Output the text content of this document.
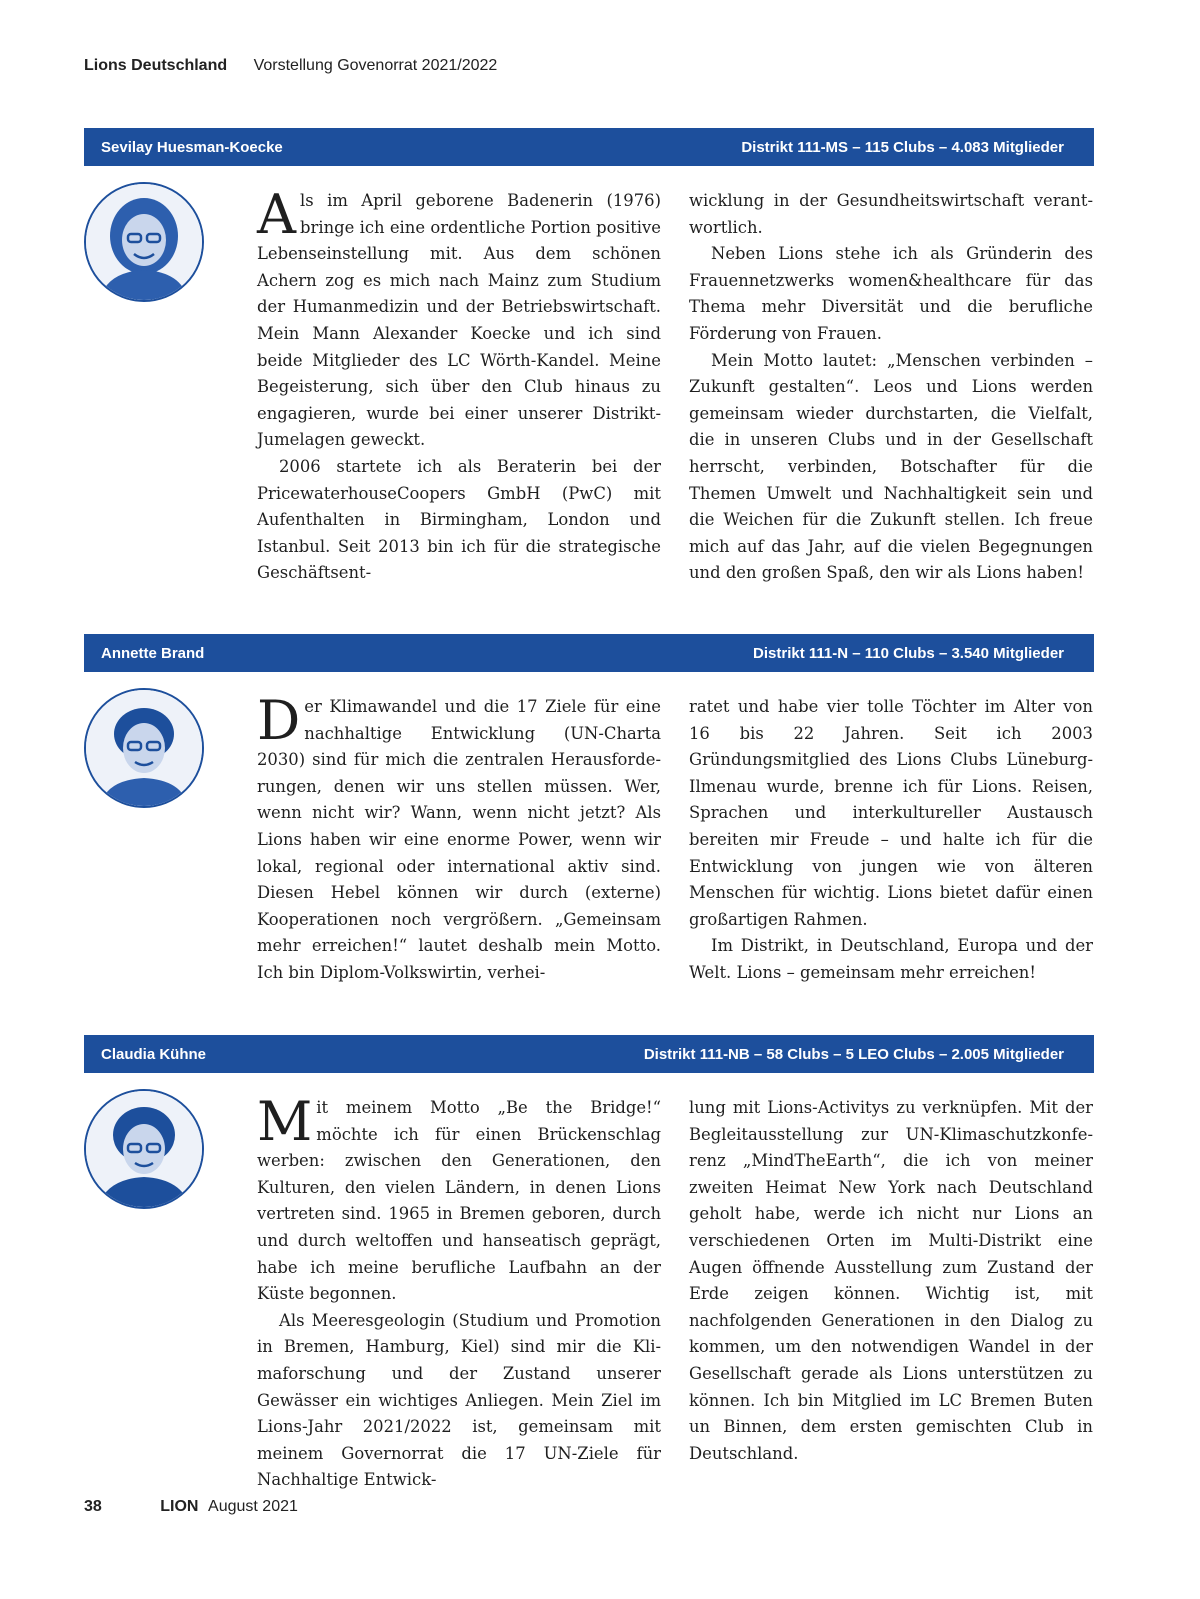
Lions Deutschland Vorstellung Govenorrat 2021/2022
Sevilay Huesman-Koecke	Distrikt 111-MS – 115 Clubs – 4.083 Mitglieder

Als im April geborene Badenerin (1976) bringe ich eine ordentliche Portion positive Lebenseinstellung mit. Aus dem schönen Achern zog es mich nach Mainz zum Studium der Humanmedizin und der Betriebswirtschaft. Mein Mann Alexander Koecke und ich sind beide Mitglieder des LC Wörth-Kandel. Meine Begeisterung, sich über den Club hinaus zu engagieren, wurde bei einer unserer Distrikt-Jumelagen geweckt.

2006 startete ich als Beraterin bei der PricewaterhouseCoopers GmbH (PwC) mit Aufenthalten in Birmingham, London und Istanbul. Seit 2013 bin ich für die strategische Geschäftsent-

wicklung in der Gesundheitswirtschaft verantwortlich.

Neben Lions stehe ich als Gründerin des Frauennetzwerks women&healthcare für das Thema mehr Diversität und die berufliche Förderung von Frauen.

Mein Motto lautet: „Menschen verbinden – Zukunft gestalten“. Leos und Lions werden gemeinsam wieder durchstarten, die Vielfalt, die in unseren Clubs und in der Gesellschaft herrscht, verbinden, Botschafter für die Themen Umwelt und Nachhaltigkeit sein und die Weichen für die Zukunft stellen. Ich freue mich auf das Jahr, auf die vielen Begegnungen und den großen Spaß, den wir als Lions haben!

Annette Brand	Distrikt 111-N – 110 Clubs – 3.540 Mitglieder

Der Klimawandel und die 17 Ziele für eine nachhaltige Entwicklung (UN-Charta 2030) sind für mich die zentralen Herausforderungen, denen wir uns stellen müssen. Wer, wenn nicht wir? Wann, wenn nicht jetzt? Als Lions haben wir eine enorme Power, wenn wir lokal, regional oder international aktiv sind. Diesen Hebel können wir durch (externe) Kooperationen noch vergrößern. „Gemeinsam mehr erreichen!“ lautet deshalb mein Motto. Ich bin Diplom-Volkswirtin, verhei-

ratet und habe vier tolle Töchter im Alter von 16 bis 22 Jahren. Seit ich 2003 Gründungsmitglied des Lions Clubs Lüneburg-Ilmenau wurde, brenne ich für Lions. Reisen, Sprachen und interkultureller Austausch bereiten mir Freude – und halte ich für die Entwicklung von jungen wie von älteren Menschen für wichtig. Lions bietet dafür einen großartigen Rahmen.

Im Distrikt, in Deutschland, Europa und der Welt. Lions – gemeinsam mehr erreichen!

Claudia Kühne	Distrikt 111-NB – 58 Clubs – 5 LEO Clubs – 2.005 Mitglieder

Mit meinem Motto „Be the Bridge!“ möchte ich für einen Brückenschlag werben: zwischen den Generationen, den Kulturen, den vielen Ländern, in denen Lions vertreten sind. 1965 in Bremen geboren, durch und durch weltoffen und hanseatisch geprägt, habe ich meine berufliche Laufbahn an der Küste begonnen.

Als Meeresgeologin (Studium und Promotion in Bremen, Hamburg, Kiel) sind mir die Klimaforschung und der Zustand unserer Gewässer ein wichtiges Anliegen. Mein Ziel im Lions-Jahr 2021/2022 ist, gemeinsam mit meinem Governorrat die 17 UN-Ziele für Nachhaltige Entwick-

lung mit Lions-Activitys zu verknüpfen. Mit der Begleitausstellung zur UN-Klimaschutzkonferenz „MindTheEarth“, die ich von meiner zweiten Heimat New York nach Deutschland geholt habe, werde ich nicht nur Lions an verschiedenen Orten im Multi-Distrikt eine Augen öffnende Ausstellung zum Zustand der Erde zeigen können. Wichtig ist, mit nachfolgenden Generationen in den Dialog zu kommen, um den notwendigen Wandel in der Gesellschaft gerade als Lions unterstützen zu können. Ich bin Mitglied im LC Bremen Buten un Binnen, dem ersten gemischten Club in Deutschland.

38	LION August 2021
